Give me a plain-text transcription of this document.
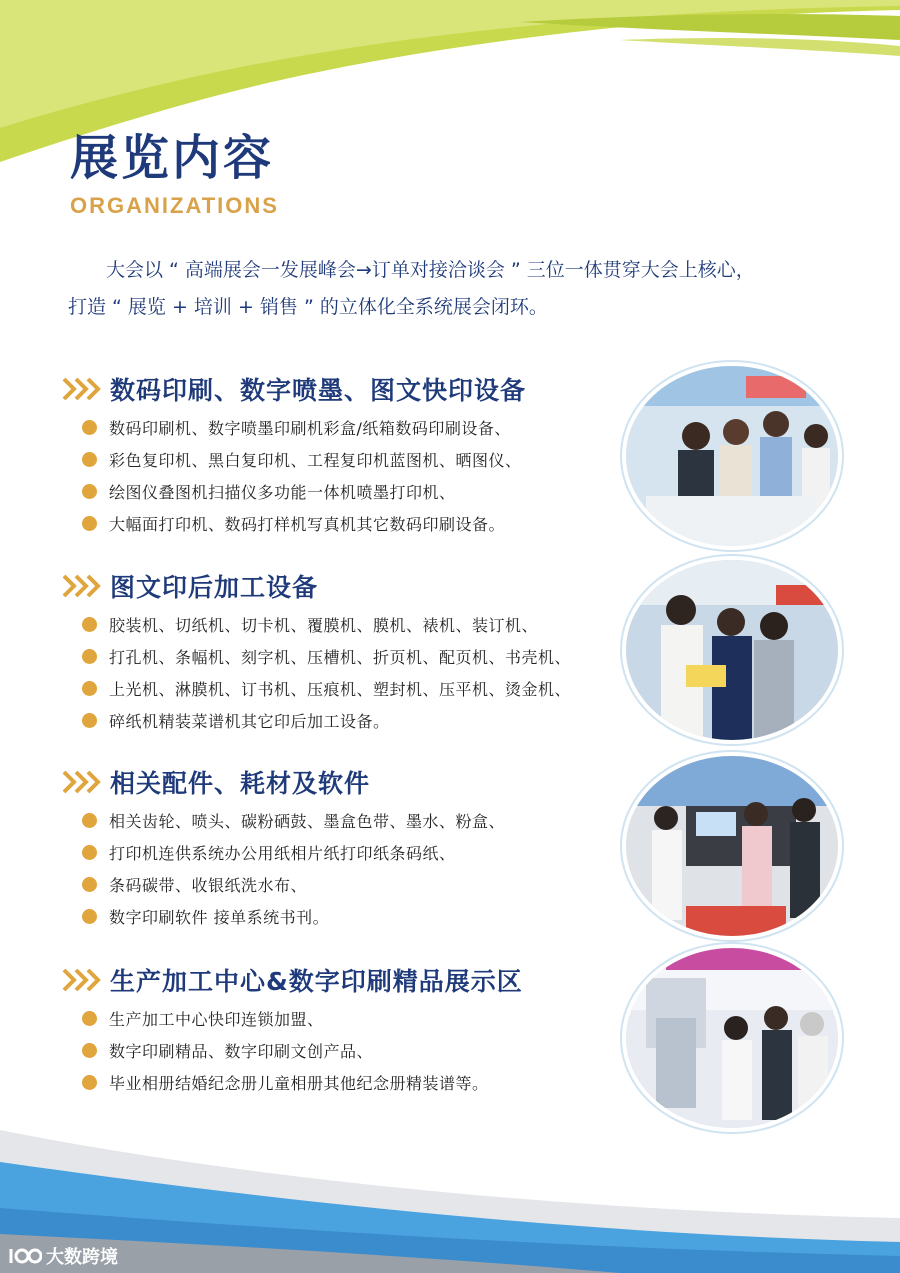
展览内容
ORGANIZATIONS
大会以 “ 高端展会一发展峰会→订单对接洽谈会 ” 三位一体贯穿大会上核心，
打造 “ 展览 + 培训 + 销售 ” 的立体化全系统展会闭环。
数码印刷、数字喷墨、图文快印设备
数码印刷机、数字喷墨印刷机彩盒/纸箱数码印刷设备、
彩色复印机、黑白复印机、工程复印机蓝图机、晒图仪、
绘图仪叠图机扫描仪多功能一体机喷墨打印机、
大幅面打印机、数码打样机写真机其它数码印刷设备。
图文印后加工设备
胶装机、切纸机、切卡机、覆膜机、膜机、裱机、装订机、
打孔机、条幅机、刻字机、压槽机、折页机、配页机、书壳机、
上光机、淋膜机、订书机、压痕机、塑封机、压平机、烫金机、
碎纸机精装菜谱机其它印后加工设备。
相关配件、耗材及软件
相关齿轮、喷头、碳粉硒鼓、墨盒色带、墨水、粉盒、
打印机连供系统办公用纸相片纸打印纸条码纸、
条码碳带、收银纸洗水布、
数字印刷软件 接单系统书刊。
生产加工中心&数字印刷精品展示区
生产加工中心快印连锁加盟、
数字印刷精品、数字印刷文创产品、
毕业相册结婚纪念册儿童相册其他纪念册精装谱等。
大数跨境
